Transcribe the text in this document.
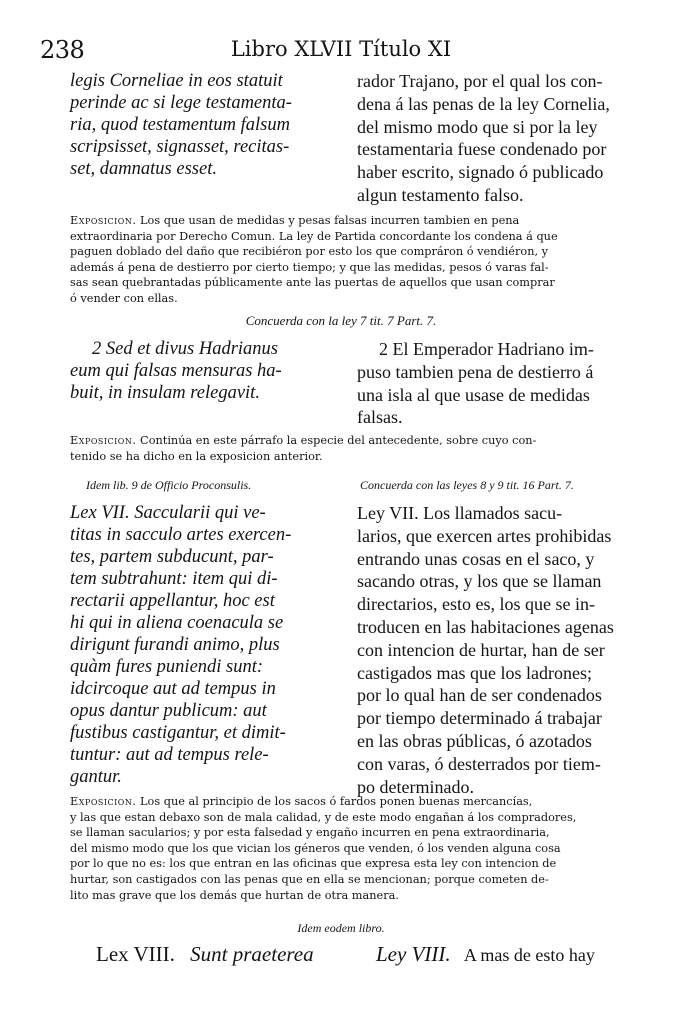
238	Libro XLVII Título XI

legis Corneliae in eos statuit

perinde ac si lege testamenta-

ria, quod testamentum falsum

scripsisset, signasset, recitas-

set, damnatus esset.

rador Trajano, por el qual los con-

dena á las penas de la ley Cornelia,

del mismo modo que si por la ley

testamentaria fuese condenado por

haber escrito, signado ó publicado

algun testamento falso.

Exposicion. Los que usan de medidas y pesas falsas incurren tambien en pena
extraordinaria por Derecho Comun. La ley de Partida concordante los condena á que
paguen doblado del daño que recibiéron por esto los que compráron ó vendiéron, y
además á pena de destierro por cierto tiempo; y que las medidas, pesos ó varas fal-
sas sean quebrantadas públicamente ante las puertas de aquellos que usan comprar
ó vender con ellas.
Concuerda con la ley 7 tit. 7 Part. 7.

2 Sed et divus Hadrianus

eum qui falsas mensuras ha-

buit, in insulam relegavit.

2 El Emperador Hadriano im-

puso tambien pena de destierro á

una isla al que usase de medidas

falsas.

Exposicion. Continúa en este párrafo la especie del antecedente, sobre cuyo con-
tenido se ha dicho en la exposicion anterior.
Idem lib. 9 de Officio Proconsulis.	Concuerda con las leyes 8 y 9 tit. 16 Part. 7.

Lex VII. Saccularii qui ve-

titas in sacculo artes exercen-

tes, partem subducunt, par-

tem subtrahunt: item qui di-

rectarii appellantur, hoc est

hi qui in aliena coenacula se

dirigunt furandi animo, plus

quàm fures puniendi sunt:

idcircoque aut ad tempus in

opus dantur publicum: aut

fustibus castigantur, et dimit-

tuntur: aut ad tempus rele-

gantur.

Ley VII. Los llamados sacu-

larios, que exercen artes prohibidas

entrando unas cosas en el saco, y

sacando otras, y los que se llaman

directarios, esto es, los que se in-

troducen en las habitaciones agenas

con intencion de hurtar, han de ser

castigados mas que los ladrones;

por lo qual han de ser condenados

por tiempo determinado á trabajar

en las obras públicas, ó azotados

con varas, ó desterrados por tiem-

po determinado.

Exposicion. Los que al principio de los sacos ó fardos ponen buenas mercancías,
y las que estan debaxo son de mala calidad, y de este modo engañan á los compradores,
se llaman sacularios; y por esta falsedad y engaño incurren en pena extraordinaria,
del mismo modo que los que vician los géneros que venden, ó los venden alguna cosa
por lo que no es: los que entran en las oficinas que expresa esta ley con intencion de
hurtar, son castigados con las penas que en ella se mencionan; porque cometen de-
lito mas grave que los demás que hurtan de otra manera.
Idem eodem libro.
Lex VIII. Sunt praeterea	Ley VIII. A mas de esto hay
